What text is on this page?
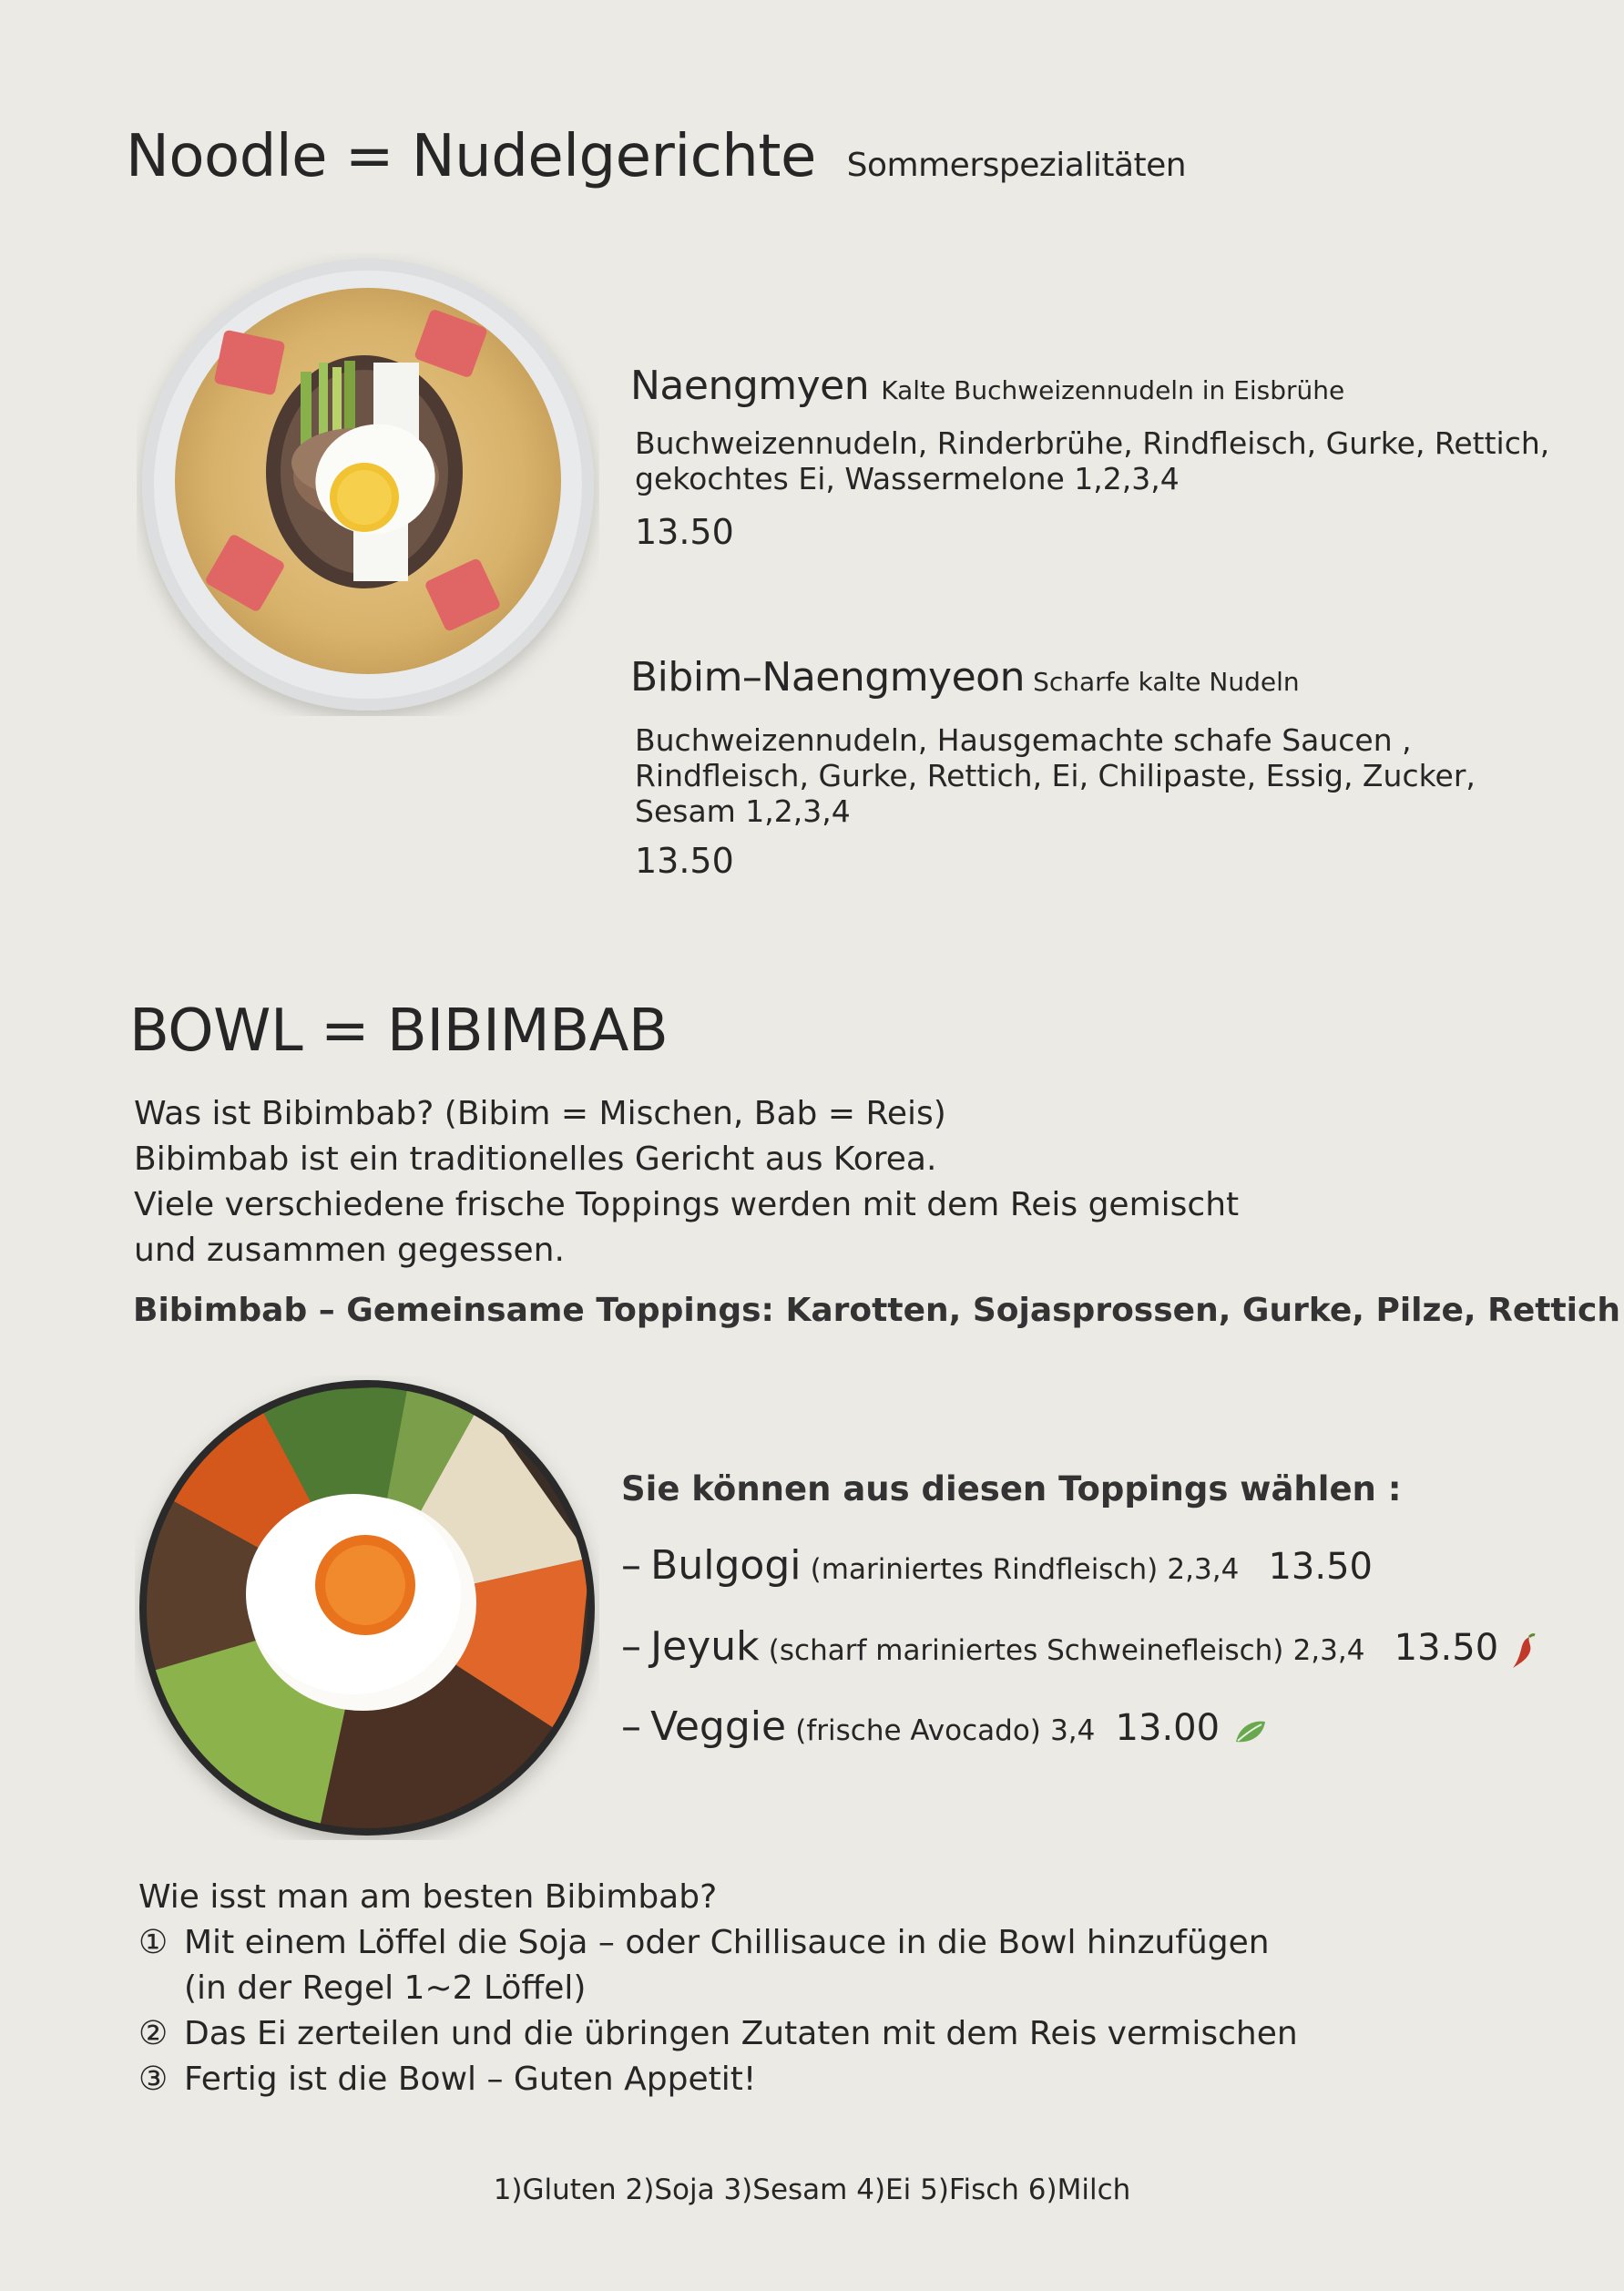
Noodle = Nudelgerichte Sommerspezialitäten
Naengmyen Kalte Buchweizennudeln in Eisbrühe
Buchweizennudeln, Rinderbrühe, Rindfleisch, Gurke, Rettich,
gekochtes Ei, Wassermelone 1,2,3,4
13.50
Bibim–Naengmyeon Scharfe kalte Nudeln
Buchweizennudeln, Hausgemachte schafe Saucen ,
Rindfleisch, Gurke, Rettich, Ei, Chilipaste, Essig, Zucker,
Sesam 1,2,3,4
13.50
BOWL = BIBIMBAB
Was ist Bibimbab? (Bibim = Mischen, Bab = Reis)
Bibimbab ist ein traditionelles Gericht aus Korea.
Viele verschiedene frische Toppings werden mit dem Reis gemischt
und zusammen gegessen.
Bibimbab – Gemeinsame Toppings: Karotten, Sojasprossen, Gurke, Pilze, Rettich
Sie können aus diesen Toppings wählen :
– Bulgogi (mariniertes Rindfleisch) 2,3,4 13.50
– Jeyuk (scharf mariniertes Schweinefleisch) 2,3,4 13.50
– Veggie (frische Avocado) 3,4 13.00
Wie isst man am besten Bibimbab?
① Mit einem Löffel die Soja – oder Chillisauce in die Bowl hinzufügen
(in der Regel 1~2 Löffel)
② Das Ei zerteilen und die übringen Zutaten mit dem Reis vermischen
③ Fertig ist die Bowl – Guten Appetit!
1)Gluten 2)Soja 3)Sesam 4)Ei 5)Fisch 6)Milch
